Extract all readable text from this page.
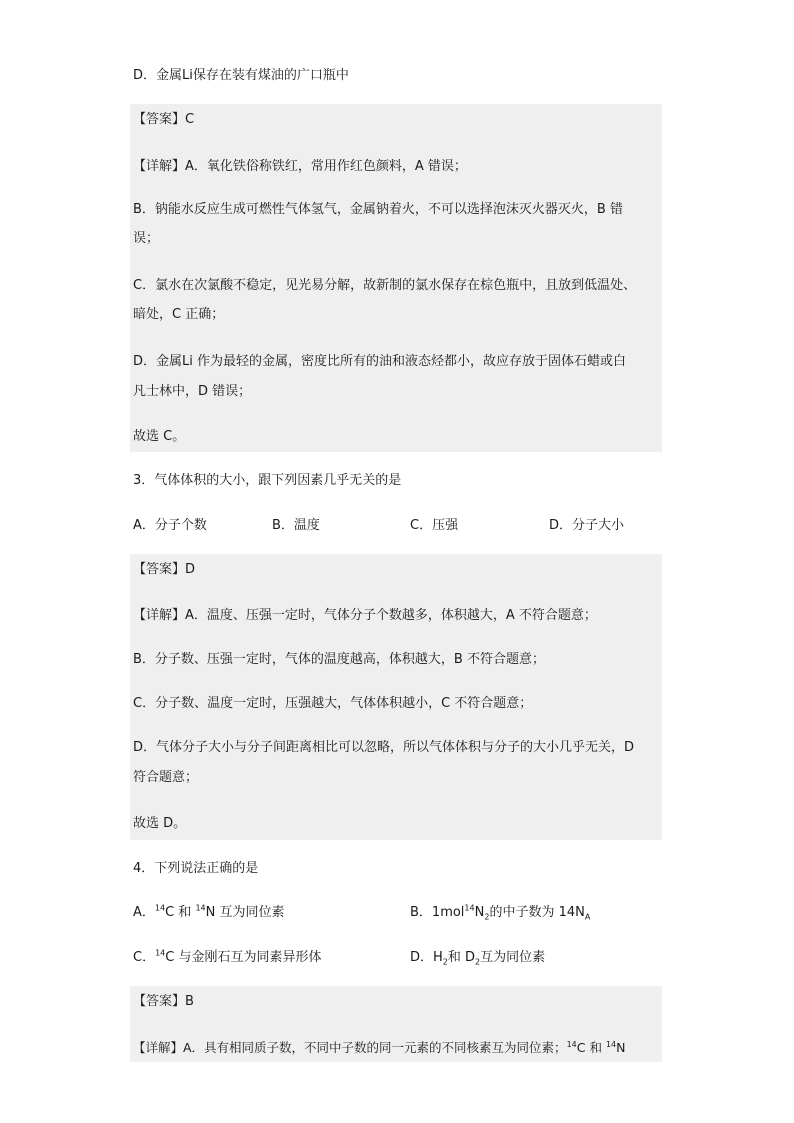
D．金属Li保存在装有煤油的广口瓶中
【答案】C
【详解】A．氧化铁俗称铁红，常用作红色颜料，A 错误；
B．钠能水反应生成可燃性气体氢气，金属钠着火，不可以选择泡沫灭火器灭火，B 错
误；
C．氯水在次氯酸不稳定，见光易分解，故新制的氯水保存在棕色瓶中，且放到低温处、
暗处，C 正确；
D．金属Li 作为最轻的金属，密度比所有的油和液态烃都小，故应存放于固体石蜡或白
凡士林中，D 错误；
故选 C。
3．气体体积的大小，跟下列因素几乎无关的是
A．分子个数	B．温度	C．压强	D．分子大小
【答案】D
【详解】A．温度、压强一定时，气体分子个数越多，体积越大，A 不符合题意；
B．分子数、压强一定时，气体的温度越高，体积越大，B 不符合题意；
C．分子数、温度一定时，压强越大，气体体积越小，C 不符合题意；
D．气体分子大小与分子间距离相比可以忽略，所以气体体积与分子的大小几乎无关，D
符合题意；
故选 D。
4．下列说法正确的是
A．$^{14}$C 和 $^{14}$N 互为同位素	B．$1mol^{14}N_2$的中子数为 $14N_A$
C．$^{14}$C 与金刚石互为同素异形体	D．$H_2$和 $D_2$互为同位素
【答案】B
【详解】A．具有相同质子数，不同中子数的同一元素的不同核素互为同位素；$^{14}$C 和 $^{14}$N
